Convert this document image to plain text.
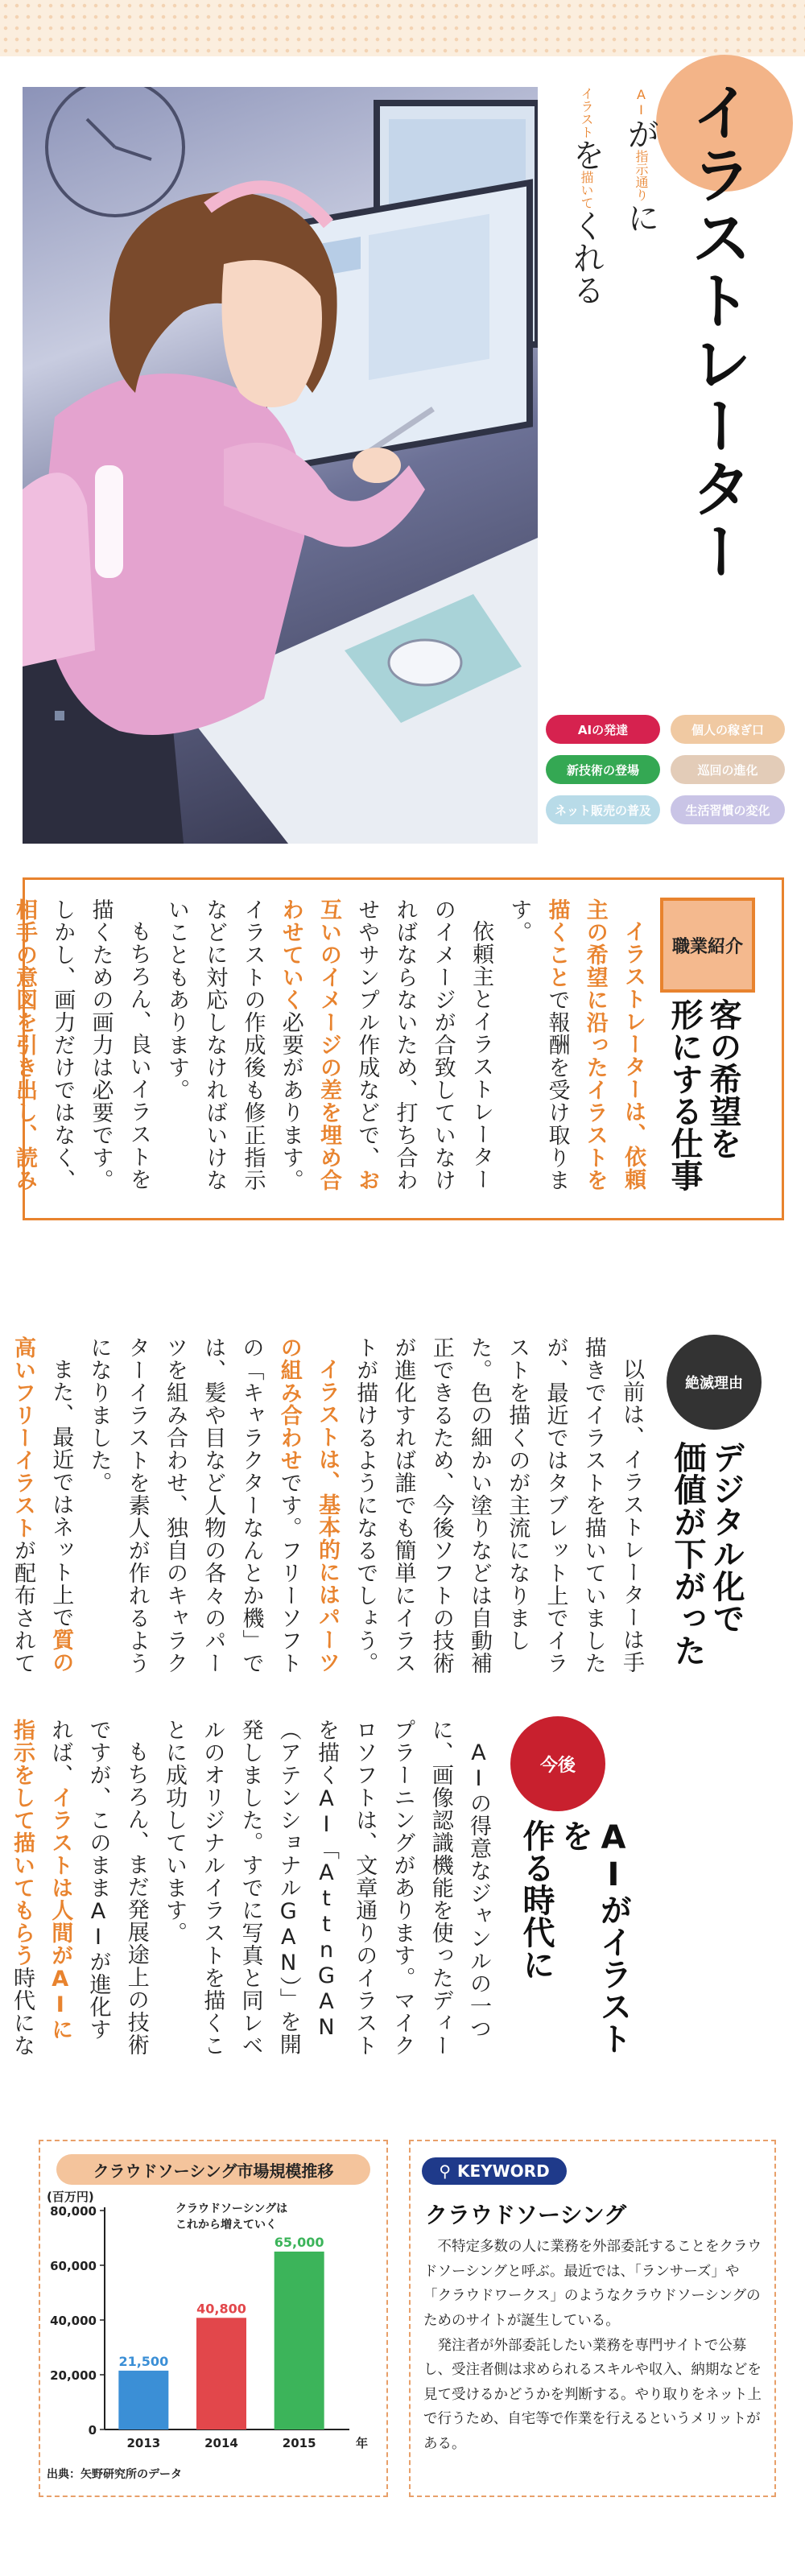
イラストレーター
AIが指示通りに
イラストを描いてくれる
AIの発達	個人の稼ぎ口
新技術の登場	巡回の進化
ネット販売の普及	生活習慣の変化
職業紹介
客の希望を
形にする仕事

イラストレーターは、依頼主の希望に沿ったイラストを描くことで報酬を受け取ります。

依頼主とイラストレーターのイメージが合致していなければならないため、打ち合わせやサンプル作成などで、お互いのイメージの差を埋め合わせていく必要があります。イラストの作成後も修正指示などに対応しなければいけないこともあります。

もちろん、良いイラストを描くための画力は必要です。しかし、画力だけではなく、相手の意図を引き出し、読み

絶滅理由
デジタル化で
価値が下がった

以前は、イラストレーターは手描きでイラストを描いていましたが、最近ではタブレット上でイラストを描くのが主流になりました。色の細かい塗りなどは自動補正できるため、今後ソフトの技術が進化すれば誰でも簡単にイラストが描けるようになるでしょう。

イラストは、基本的にはパーツの組み合わせです。フリーソフトの「キャラクターなんとか機」では、髪や目など人物の各々のパーツを組み合わせ、独自のキャラクターイラストを素人が作れるようになりました。

また、最近ではネット上で質の高いフリーイラストが配布されて

今後
AIがイラストを
作る時代に

AIの得意なジャンルの一つに、画像認識機能を使ったディープラーニングがあります。マイクロソフトは、文章通りのイラストを描くAI「AttnGAN（アテンショナルGAN）」を開発しました。すでに写真と同レベルのオリジナルイラストを描くことに成功しています。

もちろん、まだ発展途上の技術ですが、このままAIが進化すれば、イラストは人間がAIに指示をして描いてもらう時代にな

クラウドソーシング市場規模推移
(百万円)
0
20,000
40,000
60,000
80,000
21,500
2013
40,800
2014
65,000
2015	年
クラウドソーシングは
これから増えていく
出典：矢野研究所のデータ
⚲ KEYWORD
クラウドソーシング

不特定多数の人に業務を外部委託することをクラウドソーシングと呼ぶ。最近では、「ランサーズ」や「クラウドワークス」のようなクラウドソーシングのためのサイトが誕生している。

発注者が外部委託したい業務を専門サイトで公募し、受注者側は求められるスキルや収入、納期などを見て受けるかどうかを判断する。やり取りをネット上で行うため、自宅等で作業を行えるというメリットがある。
